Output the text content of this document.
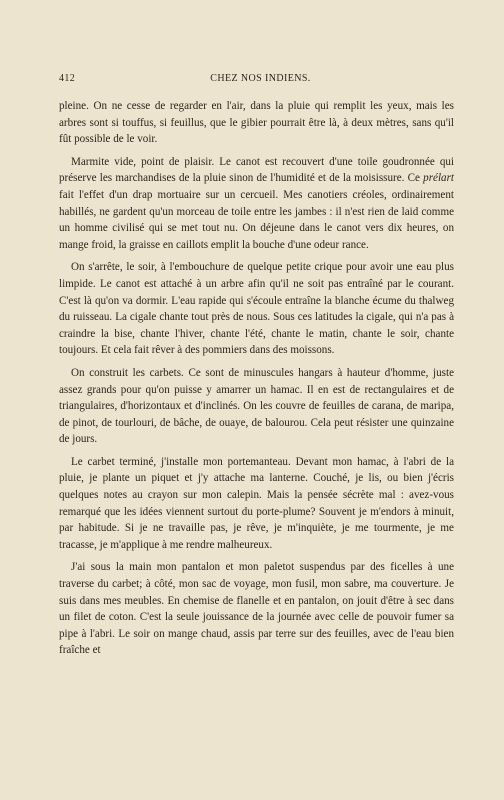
412	CHEZ NOS INDIENS.

pleine. On ne cesse de regarder en l'air, dans la pluie qui remplit les yeux, mais les arbres sont si touffus, si feuillus, que le gibier pourrait être là, à deux mètres, sans qu'il fût possible de le voir.

Marmite vide, point de plaisir. Le canot est recouvert d'une toile goudronnée qui préserve les marchandises de la pluie sinon de l'humidité et de la moisissure. Ce prélart fait l'effet d'un drap mortuaire sur un cercueil. Mes canotiers créoles, ordinairement habillés, ne gardent qu'un morceau de toile entre les jambes : il n'est rien de laid comme un homme civilisé qui se met tout nu. On déjeune dans le canot vers dix heures, on mange froid, la graisse en caillots emplit la bouche d'une odeur rance.

On s'arrête, le soir, à l'embouchure de quelque petite crique pour avoir une eau plus limpide. Le canot est attaché à un arbre afin qu'il ne soit pas entraîné par le courant. C'est là qu'on va dormir. L'eau rapide qui s'écoule entraîne la blanche écume du thalweg du ruisseau. La cigale chante tout près de nous. Sous ces latitudes la cigale, qui n'a pas à craindre la bise, chante l'hiver, chante l'été, chante le matin, chante le soir, chante toujours. Et cela fait rêver à des pommiers dans des moissons.

On construit les carbets. Ce sont de minuscules hangars à hauteur d'homme, juste assez grands pour qu'on puisse y amarrer un hamac. Il en est de rectangulaires et de triangulaires, d'horizontaux et d'inclinés. On les couvre de feuilles de carana, de maripa, de pinot, de tourlouri, de bâche, de ouaye, de balourou. Cela peut résister une quinzaine de jours.

Le carbet terminé, j'installe mon portemanteau. Devant mon hamac, à l'abri de la pluie, je plante un piquet et j'y attache ma lanterne. Couché, je lis, ou bien j'écris quelques notes au crayon sur mon calepin. Mais la pensée sécrète mal : avez-vous remarqué que les idées viennent surtout du porte-plume? Souvent je m'endors à minuit, par habitude. Si je ne travaille pas, je rêve, je m'inquiète, je me tourmente, je me tracasse, je m'applique à me rendre malheureux.

J'ai sous la main mon pantalon et mon paletot suspendus par des ficelles à une traverse du carbet; à côté, mon sac de voyage, mon fusil, mon sabre, ma couverture. Je suis dans mes meubles. En chemise de flanelle et en pantalon, on jouit d'être à sec dans un filet de coton. C'est la seule jouissance de la journée avec celle de pouvoir fumer sa pipe à l'abri. Le soir on mange chaud, assis par terre sur des feuilles, avec de l'eau bien fraîche et
